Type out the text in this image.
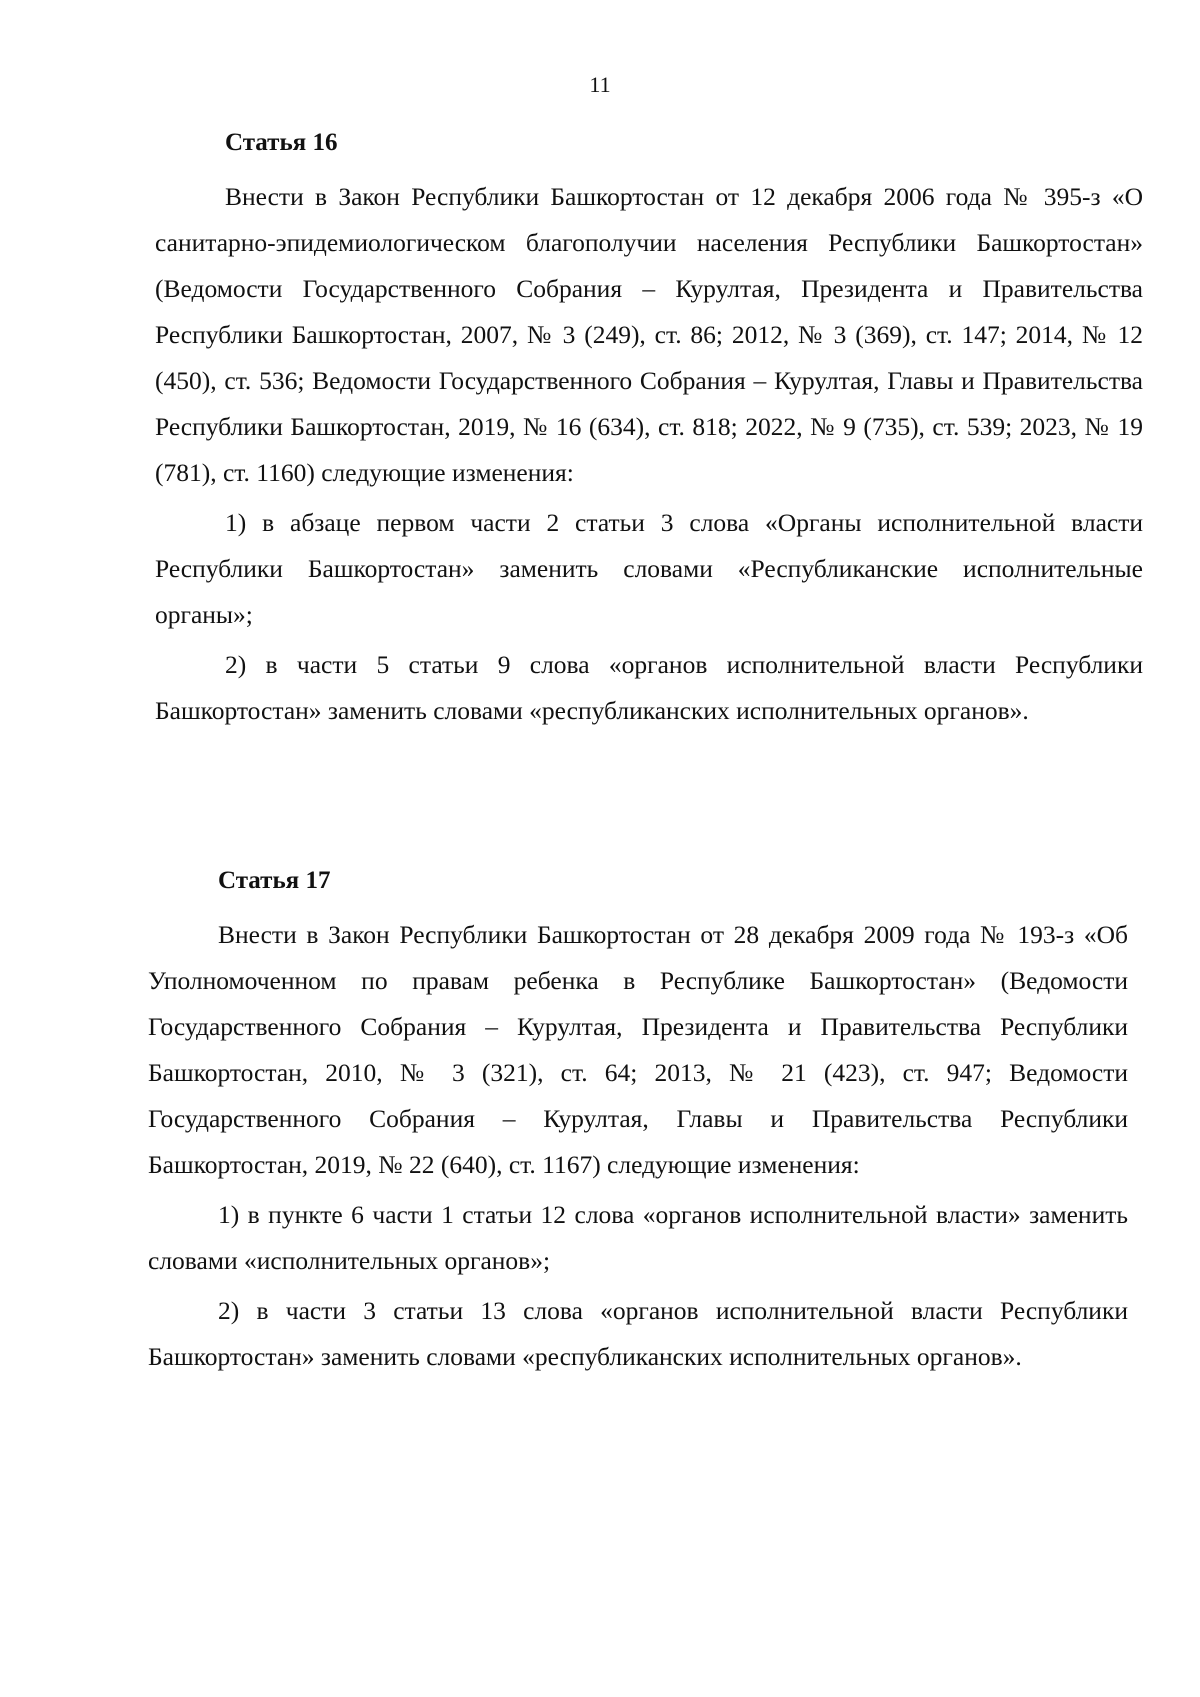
11
Статья 16

Внести в Закон Республики Башкортостан от 12 декабря 2006 года № 395-з «О санитарно-эпидемиологическом благополучии населения Республики Башкортостан» (Ведомости Государственного Собрания – Курултая, Президента и Правительства Республики Башкортостан, 2007, № 3 (249), ст. 86; 2012, № 3 (369), ст. 147; 2014, № 12 (450), ст. 536; Ведомости Государственного Собрания – Курултая, Главы и Правительства Республики Башкортостан, 2019, № 16 (634), ст. 818; 2022, № 9 (735), ст. 539; 2023, № 19 (781), ст. 1160) следующие изменения:

1) в абзаце первом части 2 статьи 3 слова «Органы исполнительной власти Республики Башкортостан» заменить словами «Республиканские исполнительные органы»;

2) в части 5 статьи 9 слова «органов исполнительной власти Республики Башкортостан» заменить словами «республиканских исполнительных органов».

Статья 17

Внести в Закон Республики Башкортостан от 28 декабря 2009 года № 193-з «Об Уполномоченном по правам ребенка в Республике Башкортостан» (Ведомости Государственного Собрания – Курултая, Президента и Правительства Республики Башкортостан, 2010, № 3 (321), ст. 64; 2013, № 21 (423), ст. 947; Ведомости Государственного Собрания – Курултая, Главы и Правительства Республики Башкортостан, 2019, № 22 (640), ст. 1167) следующие изменения:

1) в пункте 6 части 1 статьи 12 слова «органов исполнительной власти» заменить словами «исполнительных органов»;

2) в части 3 статьи 13 слова «органов исполнительной власти Республики Башкортостан» заменить словами «республиканских исполнительных органов».
